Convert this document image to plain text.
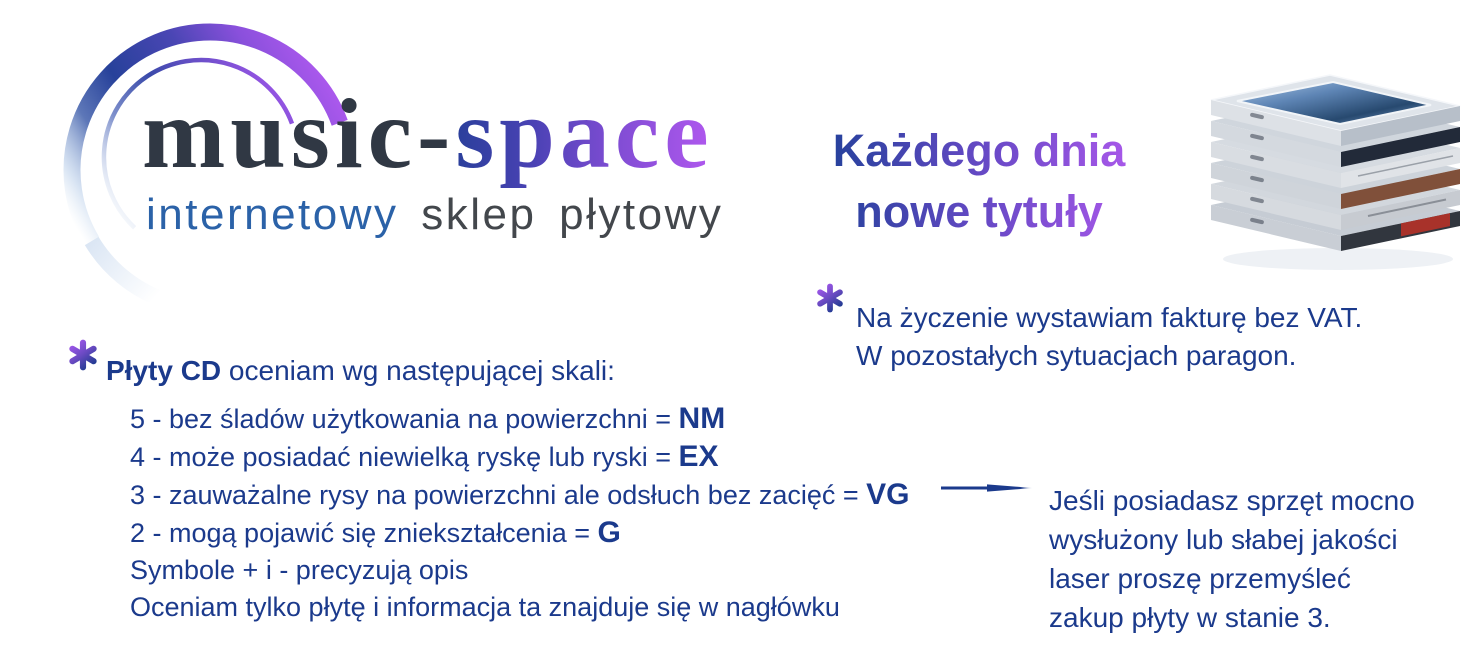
music-space
internetowy sklep płytowy
Każdego dnia
nowe tytuły
Na życzenie wystawiam fakturę bez VAT.
W pozostałych sytuacjach paragon.
Płyty CD oceniam wg następującej skali:
5 - bez śladów użytkowania na powierzchni = NM
4 - może posiadać niewielką ryskę lub ryski = EX
3 - zauważalne rysy na powierzchni ale odsłuch bez zacięć = VG
2 - mogą pojawić się zniekształcenia = G
Symbole + i - precyzują opis
Oceniam tylko płytę i informacja ta znajduje się w nagłówku
Jeśli posiadasz sprzęt mocno
wysłużony lub słabej jakości
laser proszę przemyśleć
zakup płyty w stanie 3.
